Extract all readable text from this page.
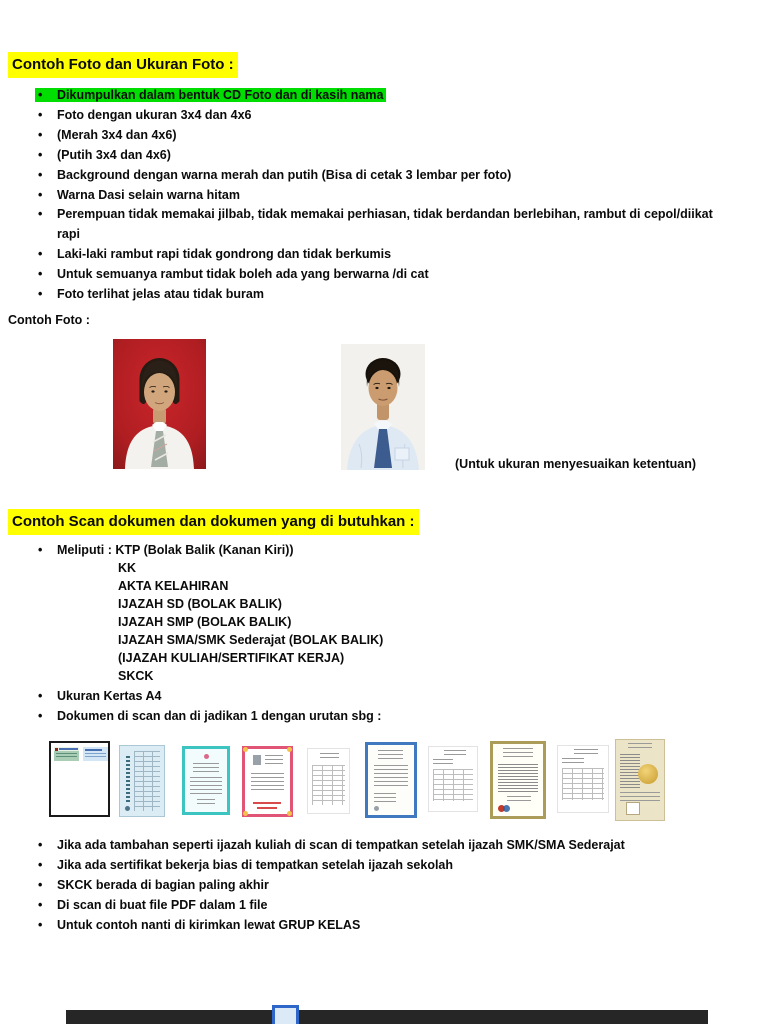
Contoh Foto dan Ukuran Foto :
• Dikumpulkan dalam bentuk CD Foto dan di kasih nama
• Foto dengan ukuran 3x4 dan 4x6
• (Merah 3x4 dan 4x6)
• (Putih 3x4 dan 4x6)
• Background dengan warna merah dan putih (Bisa di cetak 3 lembar per foto)
• Warna Dasi selain warna hitam
• Perempuan tidak memakai jilbab, tidak memakai perhiasan, tidak berdandan berlebihan, rambut di cepol/diikat rapi
• Laki-laki rambut rapi tidak gondrong dan tidak berkumis
• Untuk semuanya rambut tidak boleh ada yang berwarna /di cat
• Foto terlihat jelas atau tidak buram
Contoh Foto :
(Untuk ukuran menyesuaikan ketentuan)
Contoh Scan dokumen dan dokumen yang di butuhkan :
• Meliputi : KTP (Bolak Balik (Kanan Kiri))
KK
AKTA KELAHIRAN
IJAZAH SD (BOLAK BALIK)
IJAZAH SMP (BOLAK BALIK)
IJAZAH SMA/SMK Sederajat (BOLAK BALIK)
(IJAZAH KULIAH/SERTIFIKAT KERJA)
SKCK
• Ukuran Kertas A4
• Dokumen di scan dan di jadikan 1 dengan urutan sbg :
• Jika ada tambahan seperti ijazah kuliah di scan di tempatkan setelah ijazah SMK/SMA Sederajat
• Jika ada sertifikat bekerja bias di tempatkan setelah ijazah sekolah
• SKCK berada di bagian paling akhir
• Di scan di buat file PDF dalam 1 file
• Untuk contoh nanti di kirimkan lewat GRUP KELAS
